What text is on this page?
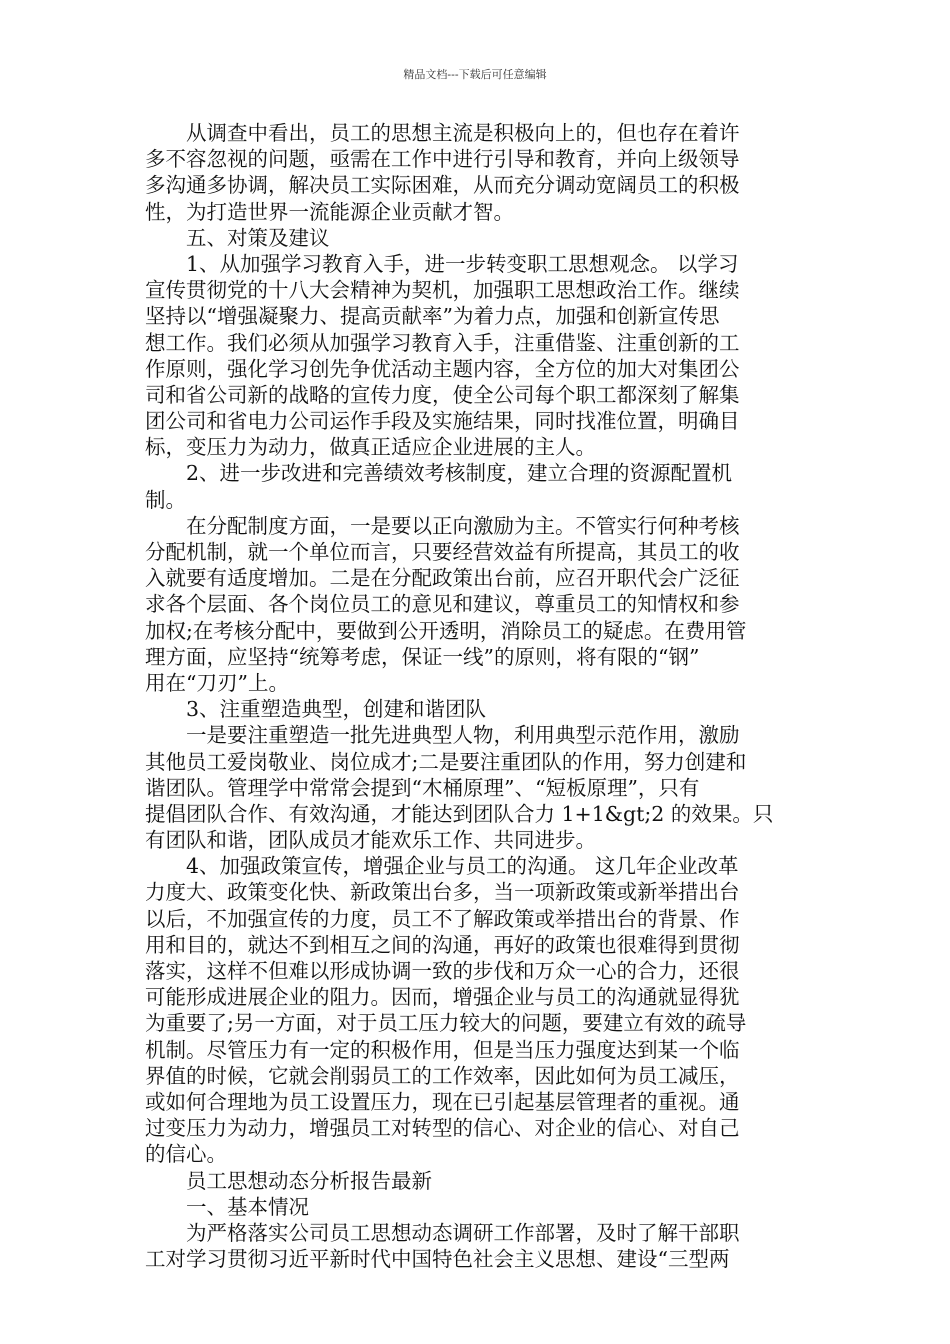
精品文档---下载后可任意编辑
　　从调查中看出，员工的思想主流是积极向上的，但也存在着许
多不容忽视的问题，亟需在工作中进行引导和教育，并向上级领导
多沟通多协调，解决员工实际困难，从而充分调动宽阔员工的积极
性，为打造世界一流能源企业贡献才智。
　　五、对策及建议
　　1、从加强学习教育入手，进一步转变职工思想观念。 以学习
宣传贯彻党的十八大会精神为契机，加强职工思想政治工作。继续
坚持以“增强凝聚力、提高贡献率”为着力点，加强和创新宣传思
想工作。我们必须从加强学习教育入手，注重借鉴、注重创新的工
作原则，强化学习创先争优活动主题内容，全方位的加大对集团公
司和省公司新的战略的宣传力度，使全公司每个职工都深刻了解集
团公司和省电力公司运作手段及实施结果，同时找准位置，明确目
标，变压力为动力，做真正适应企业进展的主人。
　　2、进一步改进和完善绩效考核制度，建立合理的资源配置机
制。
　　在分配制度方面，一是要以正向激励为主。不管实行何种考核
分配机制，就一个单位而言，只要经营效益有所提高，其员工的收
入就要有适度增加。二是在分配政策出台前，应召开职代会广泛征
求各个层面、各个岗位员工的意见和建议，尊重员工的知情权和参
加权;在考核分配中，要做到公开透明，消除员工的疑虑。在费用管
理方面，应坚持“统筹考虑，保证一线”的原则，将有限的“钢”
用在“刀刃”上。
　　3、注重塑造典型，创建和谐团队
　　一是要注重塑造一批先进典型人物，利用典型示范作用，激励
其他员工爱岗敬业、岗位成才;二是要注重团队的作用，努力创建和
谐团队。管理学中常常会提到“木桶原理”、“短板原理”，只有
提倡团队合作、有效沟通，才能达到团队合力 1+1&gt;2 的效果。只
有团队和谐，团队成员才能欢乐工作、共同进步。
　　4、加强政策宣传，增强企业与员工的沟通。 这几年企业改革
力度大、政策变化快、新政策出台多，当一项新政策或新举措出台
以后，不加强宣传的力度，员工不了解政策或举措出台的背景、作
用和目的，就达不到相互之间的沟通，再好的政策也很难得到贯彻
落实，这样不但难以形成协调一致的步伐和万众一心的合力，还很
可能形成进展企业的阻力。因而，增强企业与员工的沟通就显得犹
为重要了;另一方面，对于员工压力较大的问题，要建立有效的疏导
机制。尽管压力有一定的积极作用，但是当压力强度达到某一个临
界值的时候，它就会削弱员工的工作效率，因此如何为员工减压，
或如何合理地为员工设置压力，现在已引起基层管理者的重视。通
过变压力为动力，增强员工对转型的信心、对企业的信心、对自己
的信心。
　　员工思想动态分析报告最新
　　一、基本情况
　　为严格落实公司员工思想动态调研工作部署，及时了解干部职
工对学习贯彻习近平新时代中国特色社会主义思想、建设“三型两
